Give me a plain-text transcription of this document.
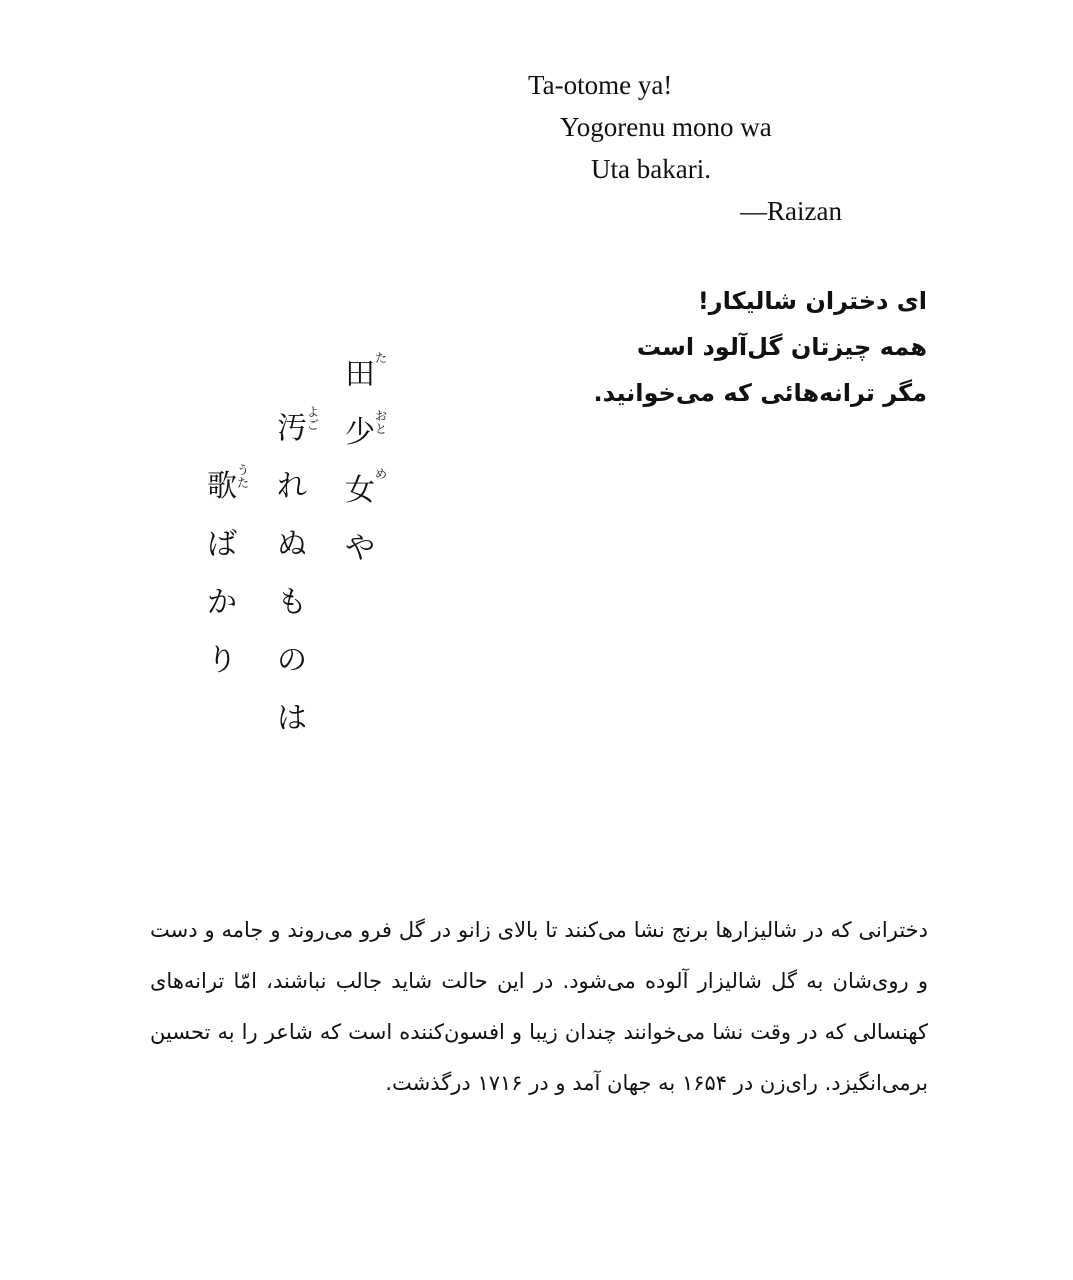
Ta-otome ya!
Yogorenu mono wa
Uta bakari.
—Raizan
ای دختران شالیکار!
همه چیزتان گل‌آلود است
مگر ترانه‌هائی که می‌خوانید.
田 た
少 おと
女 め
や
汚 よご
れ
ぬ
も
の
は
歌 うた
ば
か
り
دخترانی که در شالیزارها برنج نشا می‌کنند تا بالای زانو در گل فرو می‌روند و جامه و دست و روی‌شان به گل شالیزار آلوده می‌شود. در این حالت شاید جالب نباشند، امّا ترانه‌های کهنسالی که در وقت نشا می‌خوانند چندان زیبا و افسون‌کننده است که شاعر را به تحسین برمی‌انگیزد. رای‌زن در ۱۶۵۴ به جهان آمد و در ۱۷۱۶ درگذشت.
